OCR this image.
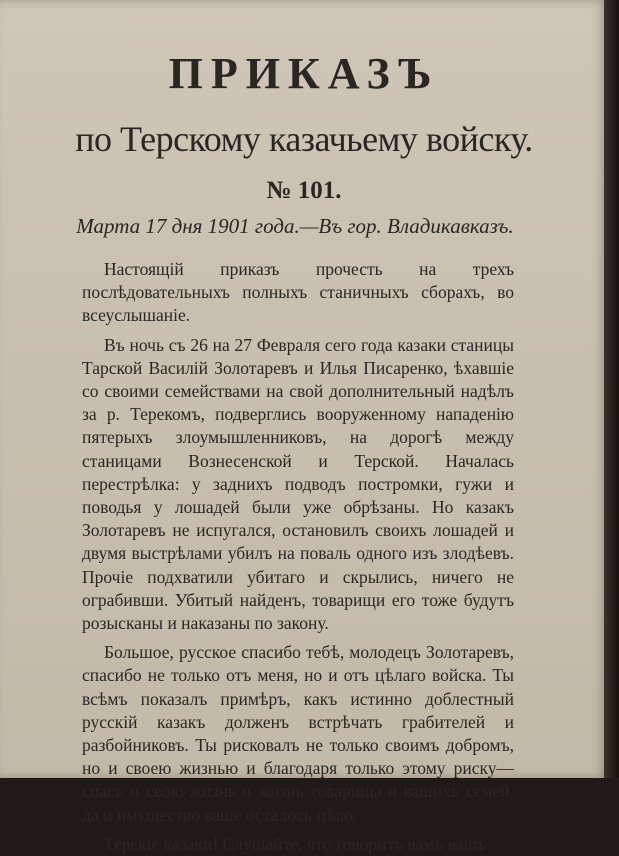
ПРИКАЗЪ
по Терскому казачьему войску.
№ 101.
Марта 17 дня 1901 года.—Въ гор. Владикавказъ.

Настоящій приказъ прочесть на трехъ послѣдовательныхъ полныхъ станичныхъ сборахъ, во всеуслышаніе.

Въ ночь съ 26 на 27 Февраля сего года казаки станицы Тарской Василій Золотаревъ и Илья Писаренко, ѣхавшіе со своими семействами на свой дополнительный надѣлъ за р. Терекомъ, подверглись вооруженному нападенію пятерыхъ злоумышленниковъ, на дорогѣ между станицами Вознесенской и Терской. Началась перестрѣлка: у заднихъ подводъ постромки, гужи и поводья у лошадей были уже обрѣзаны. Но казакъ Золотаревъ не испугался, остановилъ своихъ лошадей и двумя выстрѣлами убилъ на поваль одного изъ злодѣевъ. Прочіе подхватили убитаго и скрылись, ничего не ограбивши. Убитый найденъ, товарищи его тоже будутъ розысканы и наказаны по закону.

Большое, русское спасибо тебѣ, молодецъ Золотаревъ, спасибо не только отъ меня, но и отъ цѣлаго войска. Ты всѣмъ показалъ примѣръ, какъ истинно доблестный русскій казакъ долженъ встрѣчать грабителей и разбойниковъ. Ты рисковалъ не только своимъ добромъ, но и своею жизнью и благодаря только этому риску—спасъ и свою жизнь и жизнь товарища и вашихъ семей, да и имущество ваше осталось цѣло.

Терскіе казаки! Слушайте, что говоритъ вамъ вашъ
